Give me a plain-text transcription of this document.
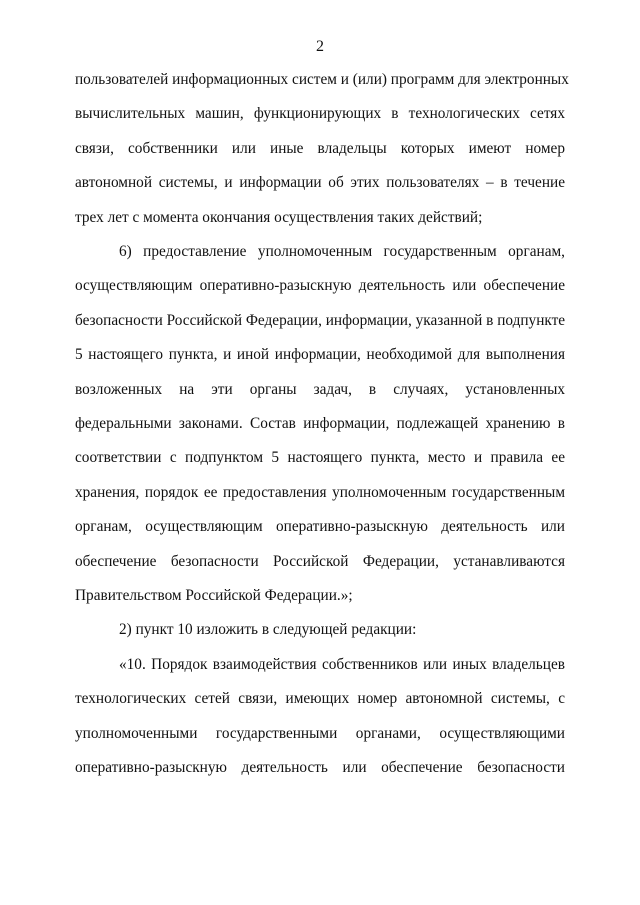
2
пользователей информационных систем и (или) программ для электронных
вычислительных машин, функционирующих в технологических сетях
связи, собственники или иные владельцы которых имеют номер
автономной системы, и информации об этих пользователях – в течение
трех лет с момента окончания осуществления таких действий;
6) предоставление уполномоченным государственным органам,
осуществляющим оперативно-разыскную деятельность или обеспечение
безопасности Российской Федерации, информации, указанной в подпункте
5 настоящего пункта, и иной информации, необходимой для выполнения
возложенных на эти органы задач, в случаях, установленных
федеральными законами. Состав информации, подлежащей хранению в
соответствии с подпунктом 5 настоящего пункта, место и правила ее
хранения, порядок ее предоставления уполномоченным государственным
органам, осуществляющим оперативно-разыскную деятельность или
обеспечение безопасности Российской Федерации, устанавливаются
Правительством Российской Федерации.»;
2) пункт 10 изложить в следующей редакции:
«10. Порядок взаимодействия собственников или иных владельцев
технологических сетей связи, имеющих номер автономной системы, с
уполномоченными государственными органами, осуществляющими
оперативно-разыскную деятельность или обеспечение безопасности
